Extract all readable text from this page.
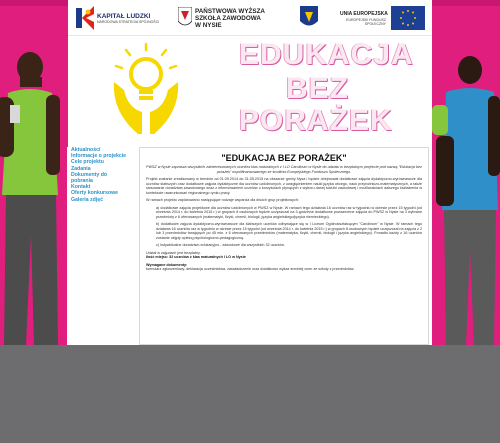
KAPITAŁ LUDZKI
NARODOWA STRATEGIA SPÓJNOŚCI
PAŃSTWOWA WYŻSZA
SZKOŁA ZAWODOWA
W NYSIE
UNIA EUROPEJSKA
EUROPEJSKI FUNDUSZ SPOŁECZNY
EDUKACJA
BEZ
PORAŻEK
Aktualności
Informacje o projekcie
Cele projektu
Zadania
Dokumenty do pobrania
Kontakt
Oferty konkursowe
Galeria zdjęć
"EDUKACJA BEZ PORAŻEK"
PWSZ w Nysie zaprasza wszystkich zainteresowanych uczniów klas maturalnych z I LO Carolinum w Nysie do udziału w bezpłatnym projekcie pod nazwą "Edukacja bez porażek" współfinansowanego ze środków Europejskiego Funduszu Społecznego.
Projekt zostanie zrealizowany w terminie od 01.09.2014 do 31.05.2015 na obszarze gminy Nysa i będzie obejmował dodatkowe zajęcia dydaktyczno-wyrównawcze dla uczniów ślabszych oraz dodatkowe zajęcia dydaktyczne dla uczniów uzdolnionych, z uwzględnieniem nauki języka obcego, nauk przyrodniczo-matematycznych, a także stosowanie doradztwa zawodowego wraz z informowaniem uczniów o korzyściach płynących z wyboru danej ścieżki zawodowej i możliwościach dalszego kształcenia w kontekście uwarunkowań regionalnego rynku pracy.
W ramach projektu zaplanowano następujące rodzaje wsparcia dla dwóch grup projektowych:
a) dodatkowe zajęcia projektowe dla uczniów uzdolnionych w PWSZ w Nysie. W ramach tego działania 16 uczniów raz w tygodniu w okresie przez 15 tygodni (od września 2014 r. do kwietnia 2015 r.) w grupach 8 osobowych będzie uczęszczał na 3-godzinne dodatkowe powszechne zajęcia do PWSZ w Nysie na 3 wybrane przedmioty z 6 oferowanych (matematyki, fizyki, chemii, biologii, języka angielskiego/języka niemieckiego).
b) dodatkowe zajęcia dydaktyczno-wyrównawcze dla ślabszych uczniów odbywające się w I Liceum Ogólnokształcącym "Carolinum" w Nysie. W ramach tego działania 16 uczniów raz w tygodniu w okresie przez 15 tygodni (od września 2014 r. do kwietnia 2015 r.) w grupach 8 osobowych będzie uczęszczał na zajęcia z 2 lub 3 przedmiotów trwających po 45 min. z 6 oferowanych przedmiotów (matematyka, fizyki, chemii, biologii i języka angielskiego). Ponadto każdy z 16 uczniów zostanie objęty opieką psychologiczno-pedagogiczną.
c) indywidualne doradztwo edukacyjno - zawodowe dla wszystkich 32 uczniów.
Udział w zajęciach jest bezpłatny.
Ilość miejsc: 32 uczniów z klas maturalnych I LO w Nysie
Wymagane dokumenty:
formularz zgłoszeniowy, deklaracja uczestnictwa, zaświadczenie oraz dodatkowo wykaz średniej ocen ze szkoły z przedmiotów:
